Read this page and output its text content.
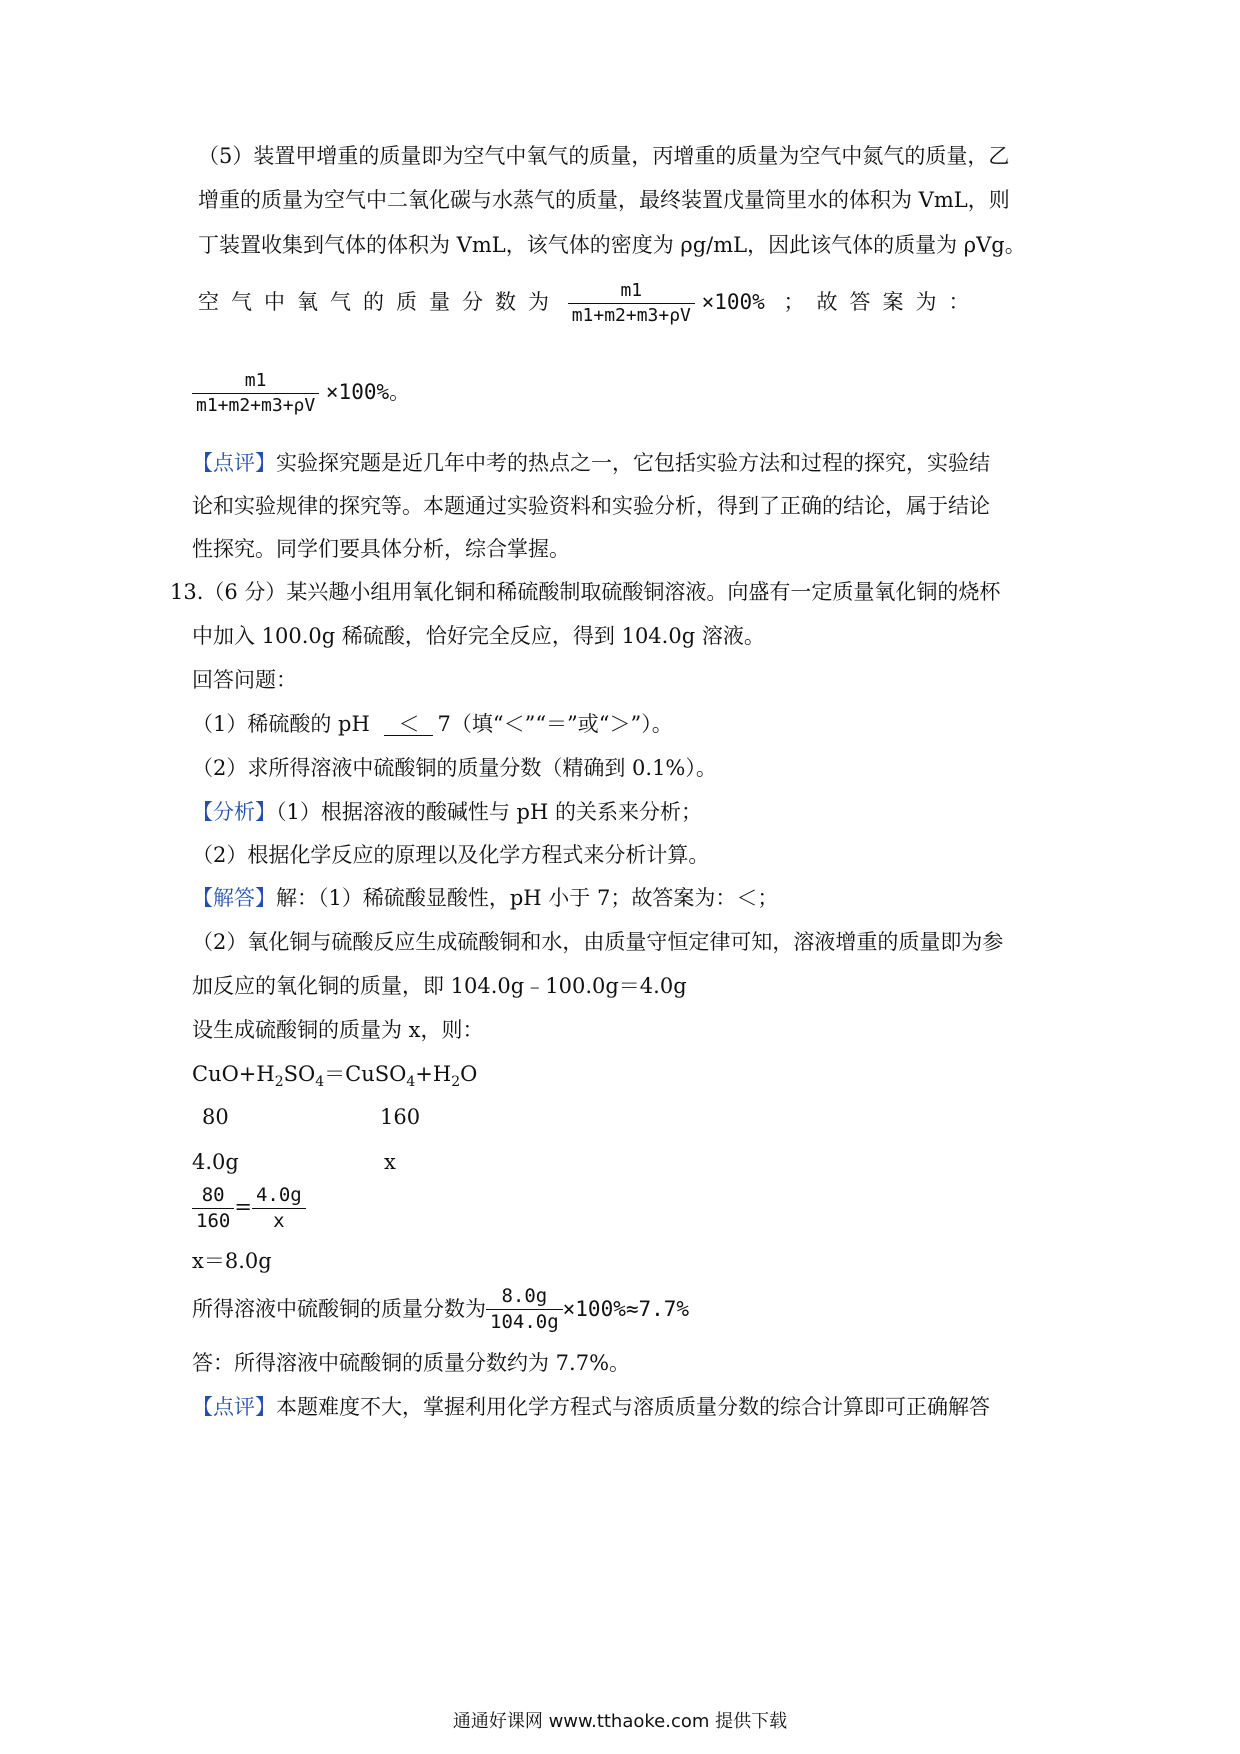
（5）装置甲增重的质量即为空气中氧气的质量，丙增重的质量为空气中氮气的质量，乙
增重的质量为空气中二氧化碳与水蒸气的质量，最终装置戊量筒里水的体积为 VmL，则
丁装置收集到气体的体积为 VmL，该气体的密度为 ρg/mL，因此该气体的质量为 ρVg。
空气中氧气的质量分数为 $\frac{m1}{m1+m2+m3+\rho V} \times 100\%$ ；故答案为：
$\frac{m1}{m1+m2+m3+\rho V} \times 100\%$。
【点评】实验探究题是近几年中考的热点之一，它包括实验方法和过程的探究，实验结
论和实验规律的探究等。本题通过实验资料和实验分析，得到了正确的结论，属于结论
性探究。同学们要具体分析，综合掌握。
13.（6 分）某兴趣小组用氧化铜和稀硫酸制取硫酸铜溶液。向盛有一定质量氧化铜的烧杯
中加入 100.0g 稀硫酸，恰好完全反应，得到 104.0g 溶液。
回答问题：
（1）稀硫酸的 pH ＜ 7（填“＜”“＝”或“＞”）。
（2）求所得溶液中硫酸铜的质量分数（精确到 0.1%）。
【分析】（1）根据溶液的酸碱性与 pH 的关系来分析；
（2）根据化学反应的原理以及化学方程式来分析计算。
【解答】解：（1）稀硫酸显酸性，pH 小于 7；故答案为：＜；
（2）氧化铜与硫酸反应生成硫酸铜和水，由质量守恒定律可知，溶液增重的质量即为参
加反应的氧化铜的质量，即 104.0g﹣100.0g＝4.0g
设生成硫酸铜的质量为 x，则：
$CuO+H_2SO_4=CuSO_4+H_2O$
80	160
4.0g	x
$\frac{80}{160} = \frac{4.0g}{x}$
x＝8.0g
所得溶液中硫酸铜的质量分数为 $\frac{8.0g}{104.0g} \times 100\%\approx 7.7\%$
答：所得溶液中硫酸铜的质量分数约为 7.7%。
【点评】本题难度不大，掌握利用化学方程式与溶质质量分数的综合计算即可正确解答
通通好课网 www.tthaoke.com 提供下载
